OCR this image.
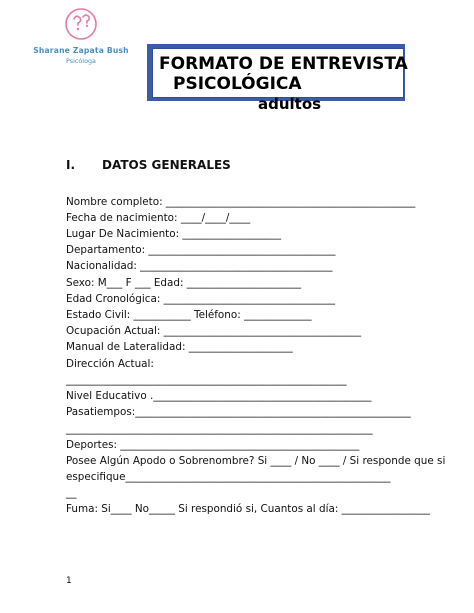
Sharane Zapata Bush
Psicóloga	FORMATO DE ENTREVISTA
PSICOLÓGICA
adultos
I. DATOS GENERALES
Nombre completo: ________________________________________________
Fecha de nacimiento: ____/____/____
Lugar De Nacimiento: ___________________
Departamento: ____________________________________
Nacionalidad: _____________________________________
Sexo: M___ F ___ Edad: ______________________
Edad Cronológica: _________________________________
Estado Civil: ___________ Teléfono: _____________
Ocupación Actual: ______________________________________
Manual de Lateralidad: ____________________
Dirección Actual:
______________________________________________________
Nivel Educativo .__________________________________________
Pasatiempos:_____________________________________________________
___________________________________________________________
Deportes: ______________________________________________
Posee Algún Apodo o Sobrenombre? Si ____ / No ____ / Si responde que si
especifique___________________________________________________
__
Fuma: Si____ No_____ Si respondió si, Cuantos al día: _________________
1
